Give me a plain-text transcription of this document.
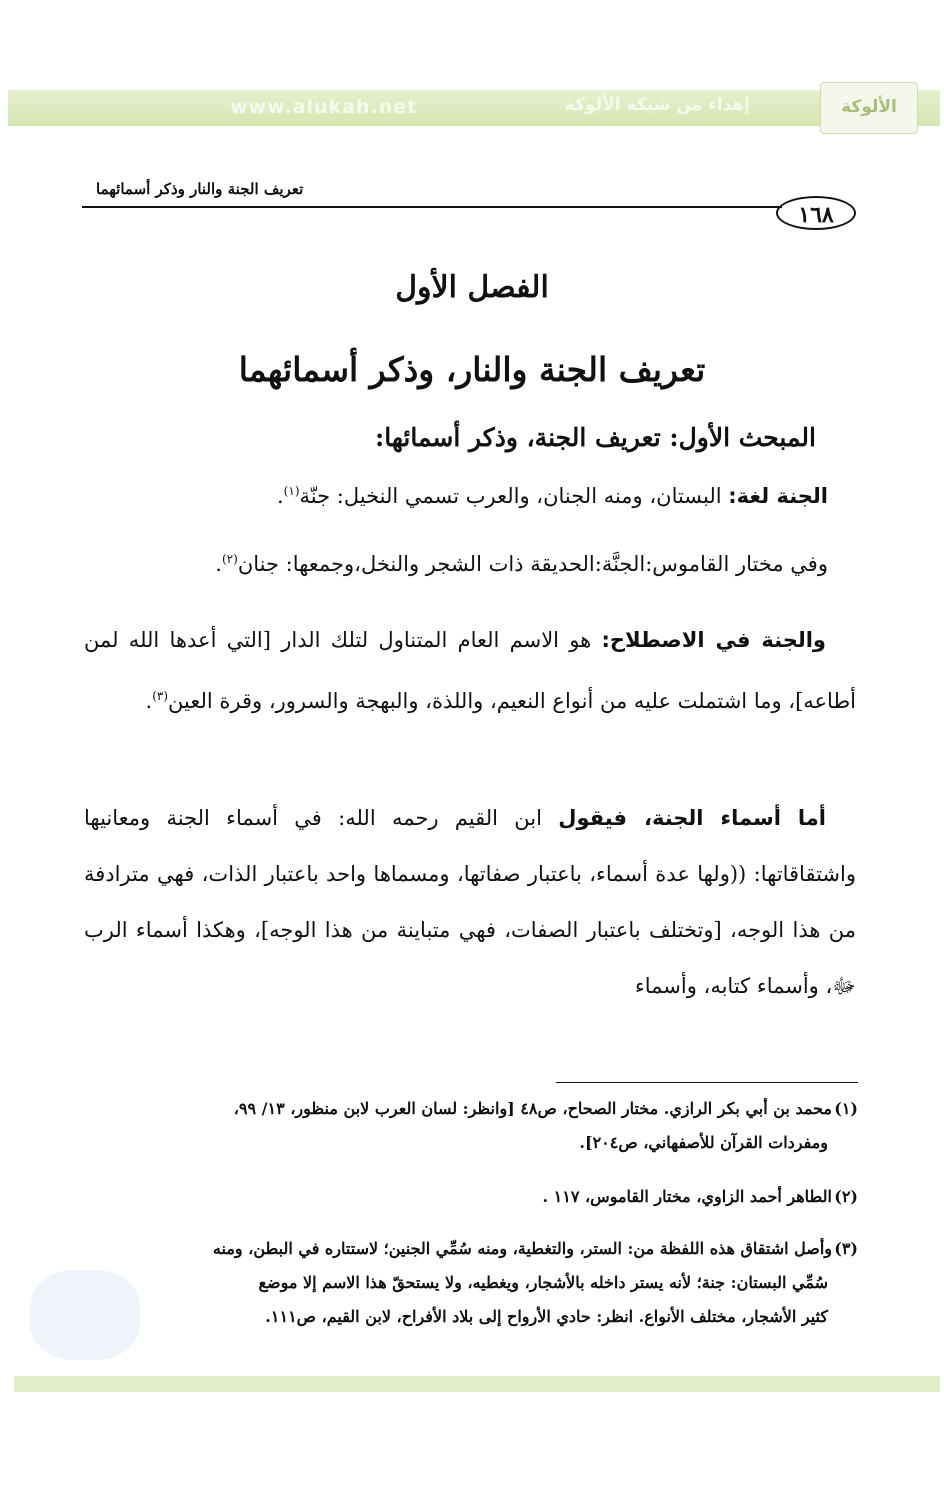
www.alukah.net	إهداء من شبكة الألوكة	الألوكة
تعريف الجنة والنار وذكر أسمائهما
١٦٨
الفصل الأول
تعريف الجنة والنار، وذكر أسمائهما
المبحث الأول: تعريف الجنة، وذكر أسمائها:
الجنة لغة: البستان، ومنه الجنان، والعرب تسمي النخيل: جنّة$^{(١)}$.
وفي مختار القاموس:الجنَّة:الحديقة ذات الشجر والنخل،وجمعها: جنان$^{(٢)}$.
والجنة في الاصطلاح: هو الاسم العام المتناول لتلك الدار [التي أعدها الله لمن أطاعه]، وما اشتملت عليه من أنواع النعيم، واللذة، والبهجة والسرور، وقرة العين$^{(٣)}$.
أما أسماء الجنة، فيقول ابن القيم رحمه الله: في أسماء الجنة ومعانيها واشتقاقاتها: ((ولها عدة أسماء، باعتبار صفاتها، ومسماها واحد باعتبار الذات، فهي مترادفة من هذا الوجه، [وتختلف باعتبار الصفات، فهي متباينة من هذا الوجه]، وهكذا أسماء الرب ﷻ، وأسماء كتابه، وأسماء
(١)محمد بن أبي بكر الرازي. مختار الصحاح، ص٤٨ [وانظر: لسان العرب لابن منظور، ١٣/ ٩٩،
ومفردات القرآن للأصفهاني، ص٢٠٤].
(٢)الطاهر أحمد الزاوي، مختار القاموس، ١١٧ .
(٣)وأصل اشتقاق هذه اللفظة من: الستر، والتغطية، ومنه سُمِّي الجنين؛ لاستتاره في البطن، ومنه
سُمِّي البستان: جنة؛ لأنه يستر داخله بالأشجار، ويغطيه، ولا يستحقّ هذا الاسم إلا موضع
كثير الأشجار، مختلف الأنواع. انظر: حادي الأرواح إلى بلاد الأفراح، لابن القيم، ص١١١.
